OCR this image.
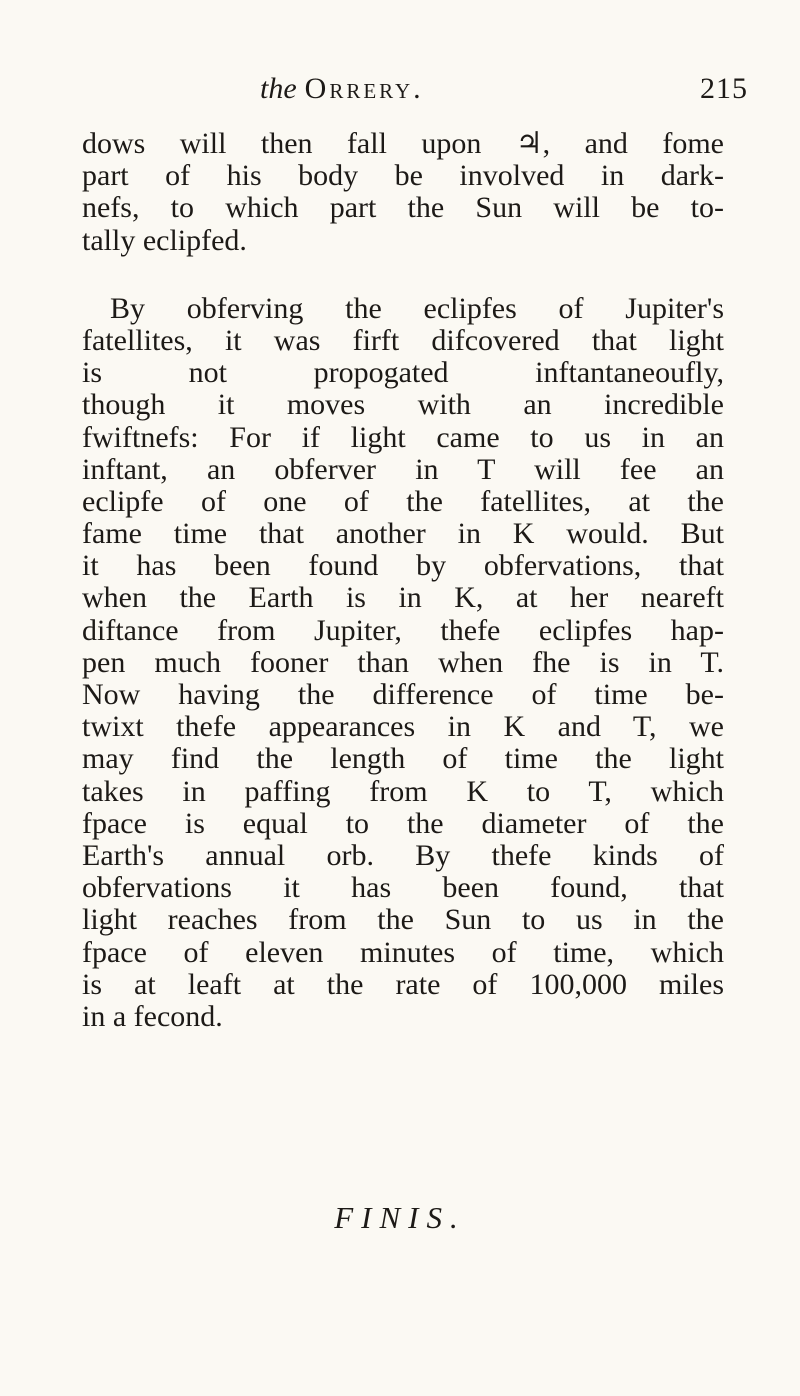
the Orrery.	215
dows will then fall upon ♃, and fome
part of his body be involved in dark-
nefs, to which part the Sun will be to-
tally eclipfed.
By obferving the eclipfes of Jupiter's
fatellites, it was firft difcovered that light
is not propogated inftantaneoufly,
though it moves with an incredible
fwiftnefs: For if light came to us in an
inftant, an obferver in T will fee an
eclipfe of one of the fatellites, at the
fame time that another in K would. But
it has been found by obfervations, that
when the Earth is in K, at her neareft
diftance from Jupiter, thefe eclipfes hap-
pen much fooner than when fhe is in T.
Now having the difference of time be-
twixt thefe appearances in K and T, we
may find the length of time the light
takes in paffing from K to T, which
fpace is equal to the diameter of the
Earth's annual orb. By thefe kinds of
obfervations it has been found, that
light reaches from the Sun to us in the
fpace of eleven minutes of time, which
is at leaft at the rate of 100,000 miles
in a fecond.
FINIS.
